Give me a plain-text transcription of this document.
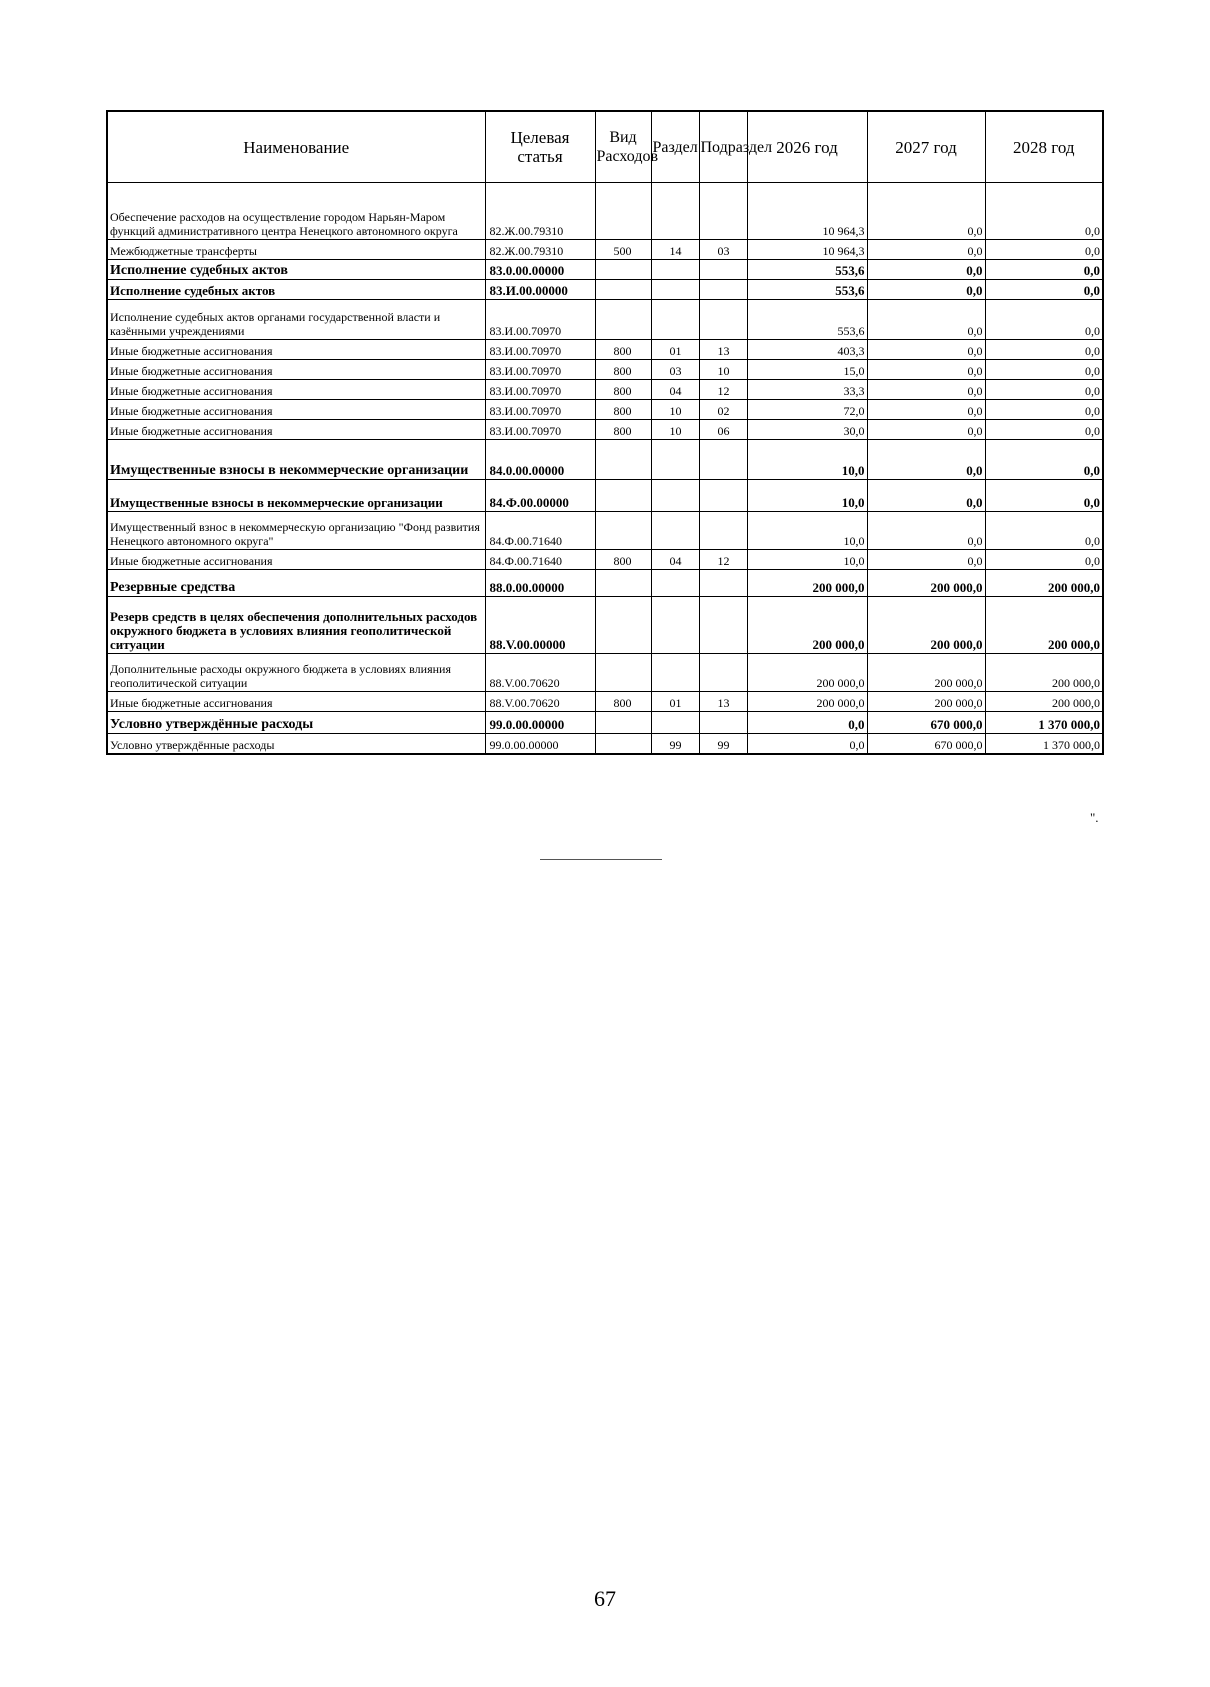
Наименование	Целевая статья	Вид Расходов	Раздел	Подраздел	2026 год	2027 год	2028 год
Обеспечение расходов на осуществление городом Нарьян-Маром функций административного центра Ненецкого автономного округа	82.Ж.00.79310				10 964,3	0,0	0,0
Межбюджетные трансферты	82.Ж.00.79310	500	14	03	10 964,3	0,0	0,0
Исполнение судебных актов	83.0.00.00000				553,6	0,0	0,0
Исполнение судебных актов	83.И.00.00000				553,6	0,0	0,0
Исполнение судебных актов органами государственной власти и казёнными учреждениями	83.И.00.70970				553,6	0,0	0,0
Иные бюджетные ассигнования	83.И.00.70970	800	01	13	403,3	0,0	0,0
Иные бюджетные ассигнования	83.И.00.70970	800	03	10	15,0	0,0	0,0
Иные бюджетные ассигнования	83.И.00.70970	800	04	12	33,3	0,0	0,0
Иные бюджетные ассигнования	83.И.00.70970	800	10	02	72,0	0,0	0,0
Иные бюджетные ассигнования	83.И.00.70970	800	10	06	30,0	0,0	0,0
Имущественные взносы в некоммерческие организации	84.0.00.00000				10,0	0,0	0,0
Имущественные взносы в некоммерческие организации	84.Ф.00.00000				10,0	0,0	0,0
Имущественный взнос в некоммерческую организацию "Фонд развития Ненецкого автономного округа"	84.Ф.00.71640				10,0	0,0	0,0
Иные бюджетные ассигнования	84.Ф.00.71640	800	04	12	10,0	0,0	0,0
Резервные средства	88.0.00.00000				200 000,0	200 000,0	200 000,0
Резерв средств в целях обеспечения дополнительных расходов окружного бюджета в условиях влияния геополитической ситуации	88.V.00.00000				200 000,0	200 000,0	200 000,0
Дополнительные расходы окружного бюджета в условиях влияния геополитической ситуации	88.V.00.70620				200 000,0	200 000,0	200 000,0
Иные бюджетные ассигнования	88.V.00.70620	800	01	13	200 000,0	200 000,0	200 000,0
Условно утверждённые расходы	99.0.00.00000				0,0	670 000,0	1 370 000,0
Условно утверждённые расходы	99.0.00.00000		99	99	0,0	670 000,0	1 370 000,0
".
67
